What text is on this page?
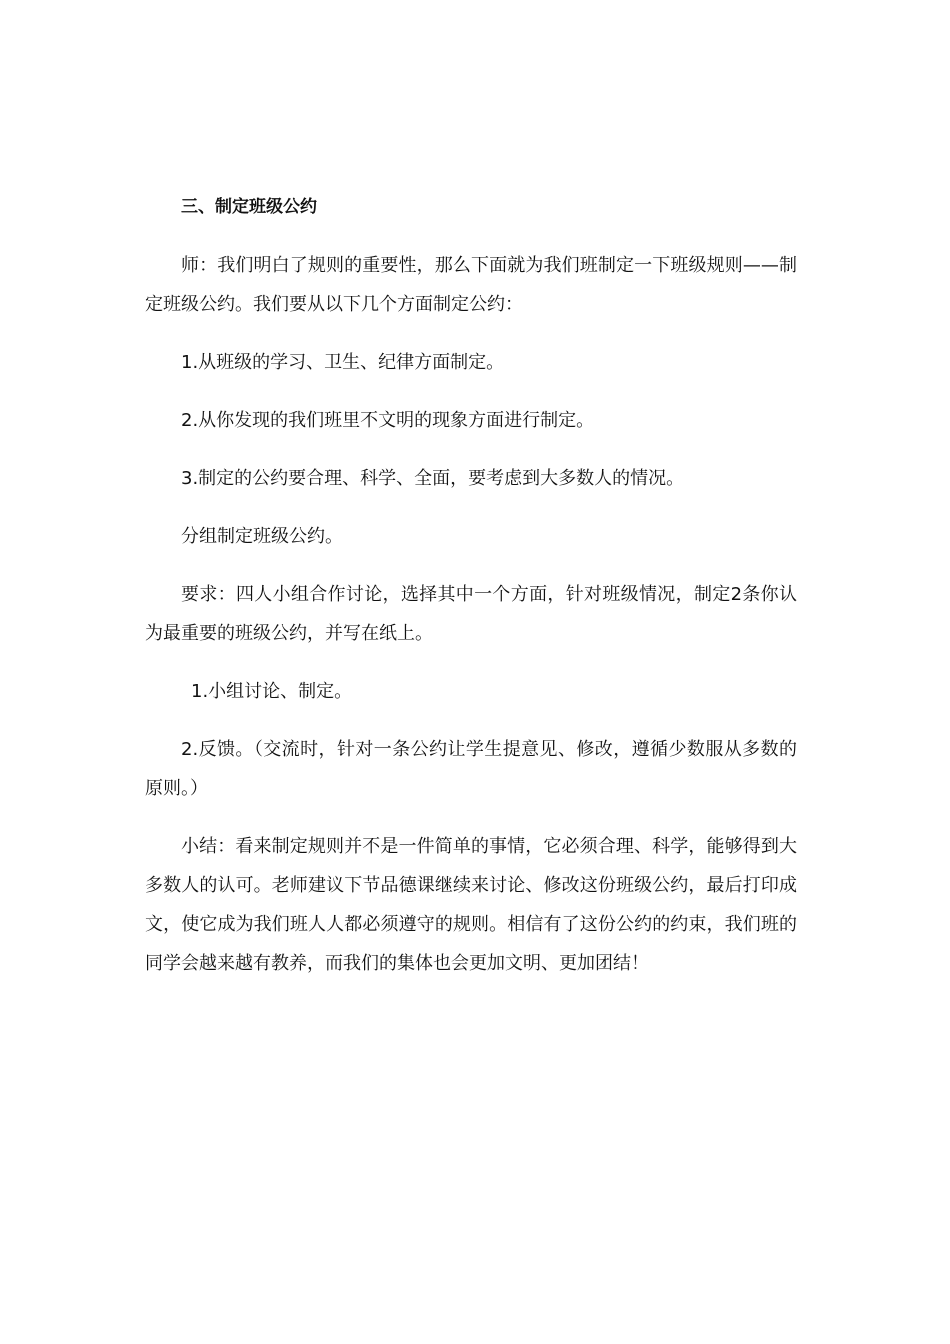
三、制定班级公约

师：我们明白了规则的重要性，那么下面就为我们班制定一下班级规则——制定班级公约。我们要从以下几个方面制定公约：

1.从班级的学习、卫生、纪律方面制定。

2.从你发现的我们班里不文明的现象方面进行制定。

3.制定的公约要合理、科学、全面，要考虑到大多数人的情况。

分组制定班级公约。

要求：四人小组合作讨论，选择其中一个方面，针对班级情况，制定2条你认为最重要的班级公约，并写在纸上。

1.小组讨论、制定。

2.反馈。（交流时，针对一条公约让学生提意见、修改，遵循少数服从多数的原则。）

小结：看来制定规则并不是一件简单的事情，它必须合理、科学，能够得到大多数人的认可。老师建议下节品德课继续来讨论、修改这份班级公约，最后打印成文，使它成为我们班人人都必须遵守的规则。相信有了这份公约的约束，我们班的同学会越来越有教养，而我们的集体也会更加文明、更加团结！
